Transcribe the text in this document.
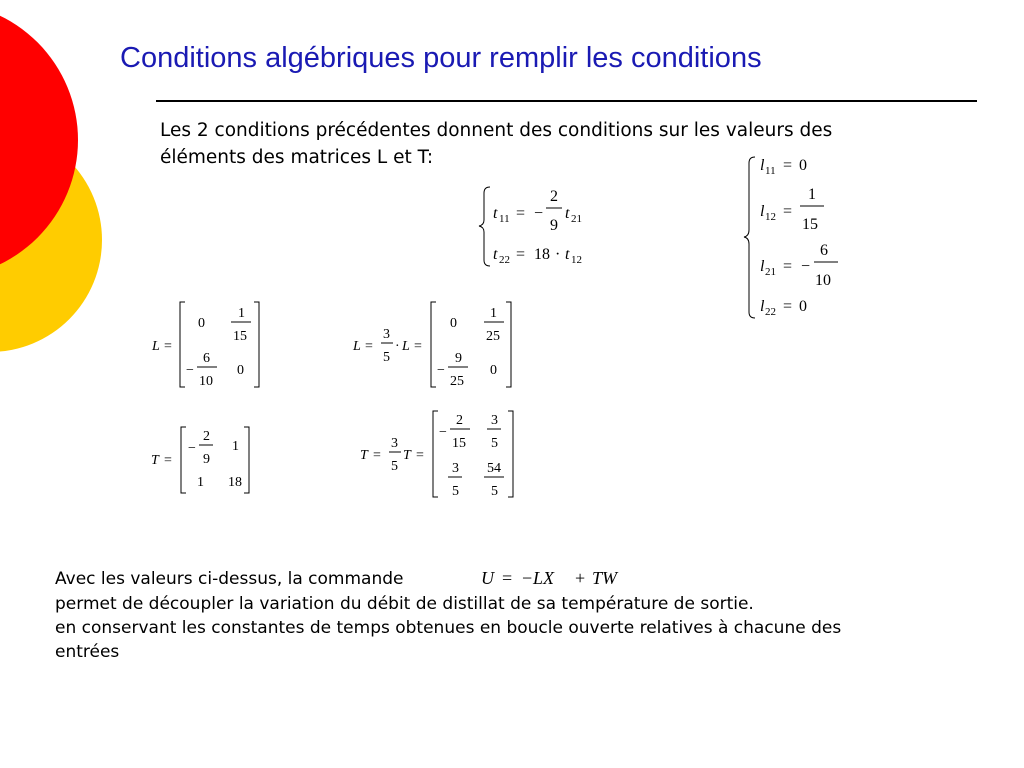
Conditions algébriques pour remplir les conditions
Les 2 conditions précédentes donnent des conditions sur les valeurs des éléments des matrices L et T:
t 11 = −
2
9
t 21
t 22 = 18 · t 12
l 11 = 0
l 12 =
1
15
l 21 = −
6
10
l 22 = 0
L =
0
1
15
−
6
10
0
L =
3
5
· L =
0
1
25
−
9
25
0
T =
−
2
9
1
1 18
T =
3
5
T =
−
2
15
3
5
3
5
54
5
U = − LX + TW
Avec les valeurs ci-dessus, la commande
permet de découpler la variation du débit de distillat de sa température de sortie.
en conservant les constantes de temps obtenues en boucle ouverte relatives à chacune des
entrées
